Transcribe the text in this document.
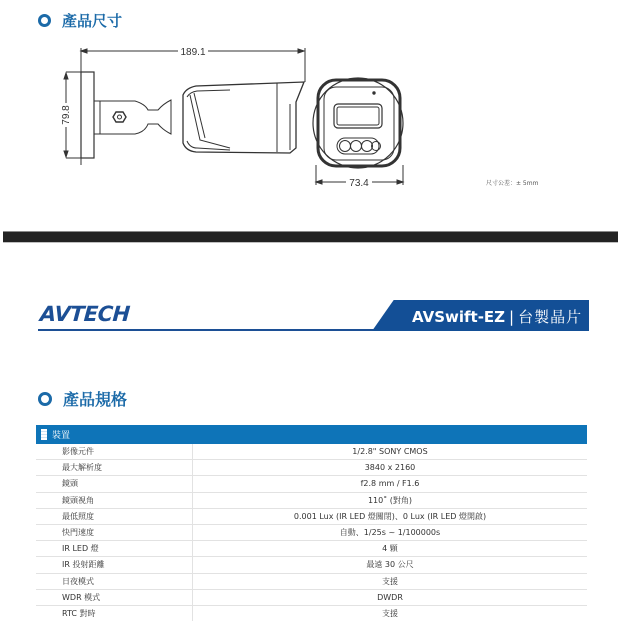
產品尺寸
189.1
79.8
73.4	尺寸公差：± 5mm
AVTECH	AVSwift-EZ | 台製晶片
產品規格
裝置
影像元件	1/2.8" SONY CMOS
最大解析度	3840 x 2160
鏡頭	f2.8 mm / F1.6
鏡頭視角	110˚ (對角)
最低照度	0.001 Lux (IR LED 燈關閉)、0 Lux (IR LED 燈開啟)
快門速度	自動、1/25s ~ 1/100000s
IR LED 燈	4 顆
IR 投射距離	最遠 30 公尺
日夜模式	支援
WDR 模式	DWDR
RTC 對時	支援
